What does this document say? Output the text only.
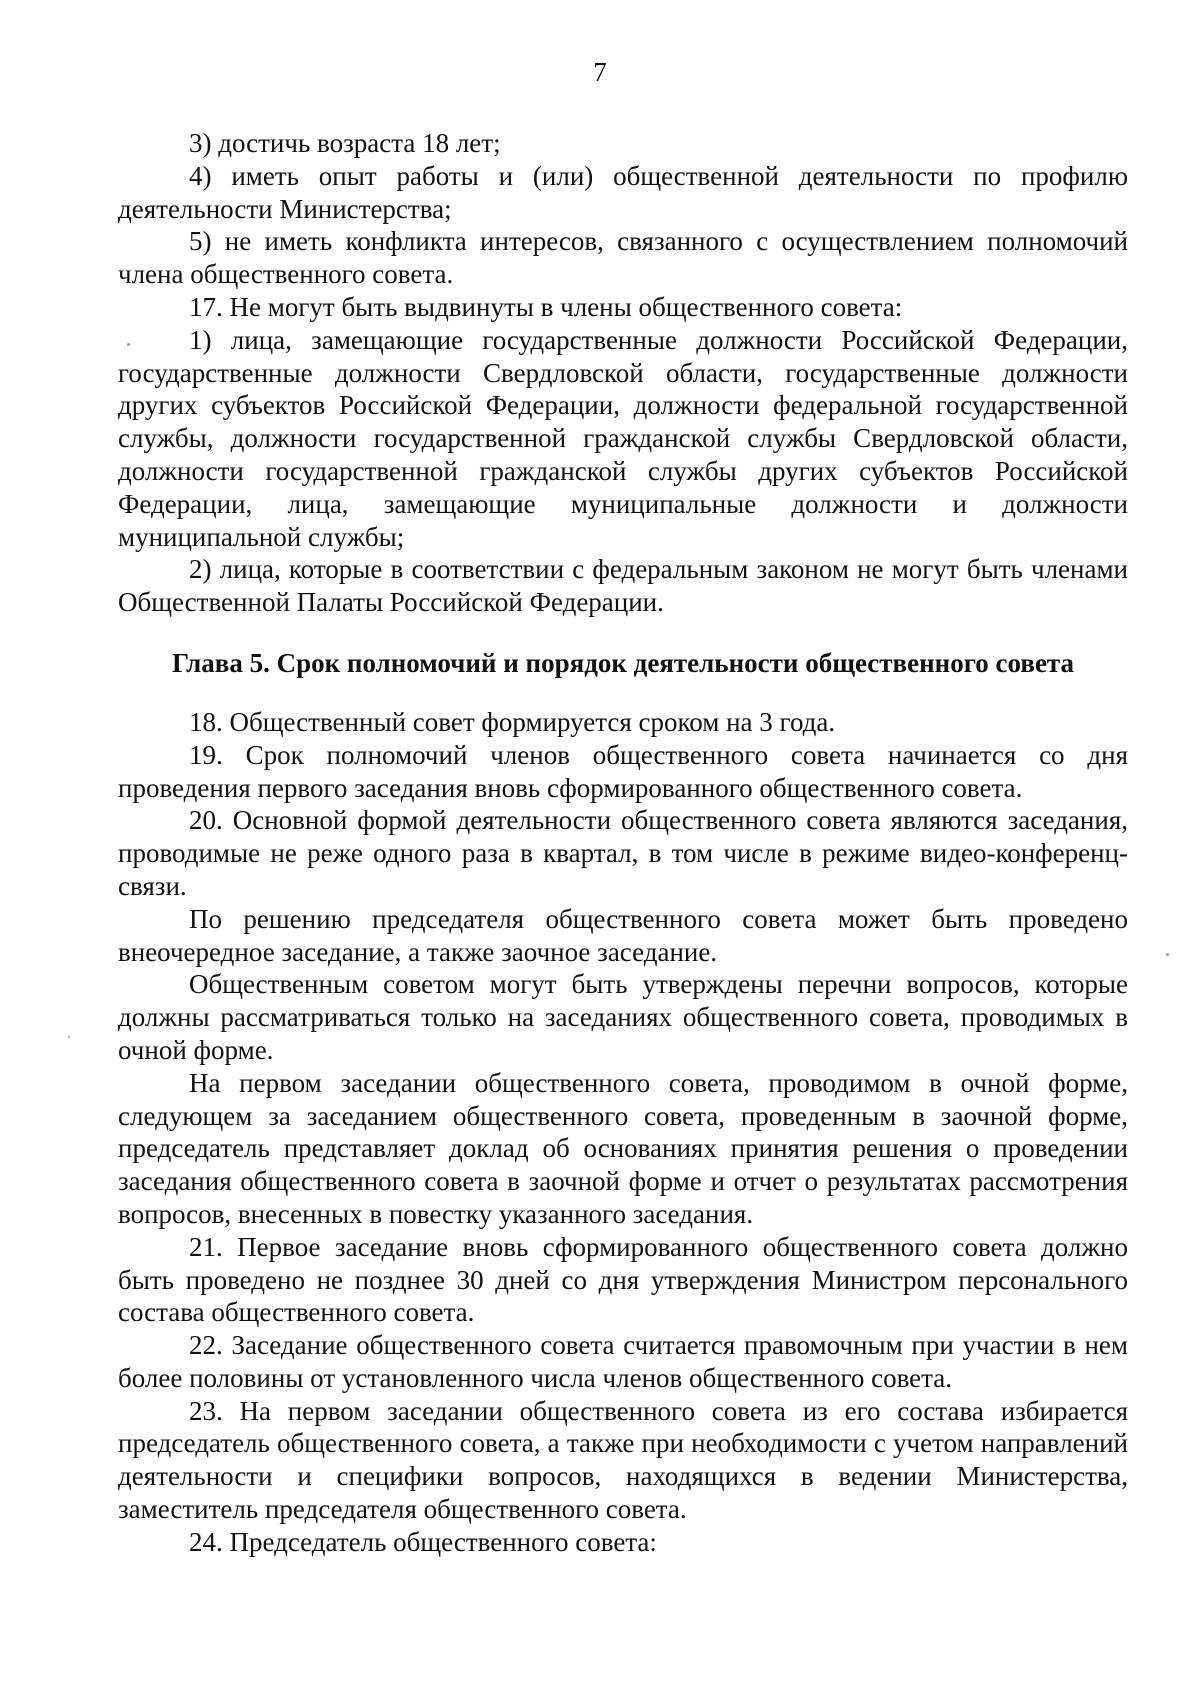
7

3) достичь возраста 18 лет;

4) иметь опыт работы и (или) общественной деятельности по профилю деятельности Министерства;

5) не иметь конфликта интересов, связанного с осуществлением полномочий члена общественного совета.

17. Не могут быть выдвинуты в члены общественного совета:

1) лица, замещающие государственные должности Российской Федерации, государственные должности Свердловской области, государственные должности других субъектов Российской Федерации, должности федеральной государственной службы, должности государственной гражданской службы Свердловской области, должности государственной гражданской службы других субъектов Российской Федерации, лица, замещающие муниципальные должности и должности муниципальной службы;

2) лица, которые в соответствии с федеральным законом не могут быть членами Общественной Палаты Российской Федерации.

Глава 5. Срок полномочий и порядок деятельности общественного совета

18. Общественный совет формируется сроком на 3 года.

19. Срок полномочий членов общественного совета начинается со дня проведения первого заседания вновь сформированного общественного совета.

20. Основной формой деятельности общественного совета являются заседания, проводимые не реже одного раза в квартал, в том числе в режиме видео-конференц-связи.

По решению председателя общественного совета может быть проведено внеочередное заседание, а также заочное заседание.

Общественным советом могут быть утверждены перечни вопросов, которые должны рассматриваться только на заседаниях общественного совета, проводимых в очной форме.

На первом заседании общественного совета, проводимом в очной форме, следующем за заседанием общественного совета, проведенным в заочной форме, председатель представляет доклад об основаниях принятия решения о проведении заседания общественного совета в заочной форме и отчет о результатах рассмотрения вопросов, внесенных в повестку указанного заседания.

21. Первое заседание вновь сформированного общественного совета должно быть проведено не позднее 30 дней со дня утверждения Министром персонального состава общественного совета.

22. Заседание общественного совета считается правомочным при участии в нем более половины от установленного числа членов общественного совета.

23. На первом заседании общественного совета из его состава избирается председатель общественного совета, а также при необходимости с учетом направлений деятельности и специфики вопросов, находящихся в ведении Министерства, заместитель председателя общественного совета.

24. Председатель общественного совета:
